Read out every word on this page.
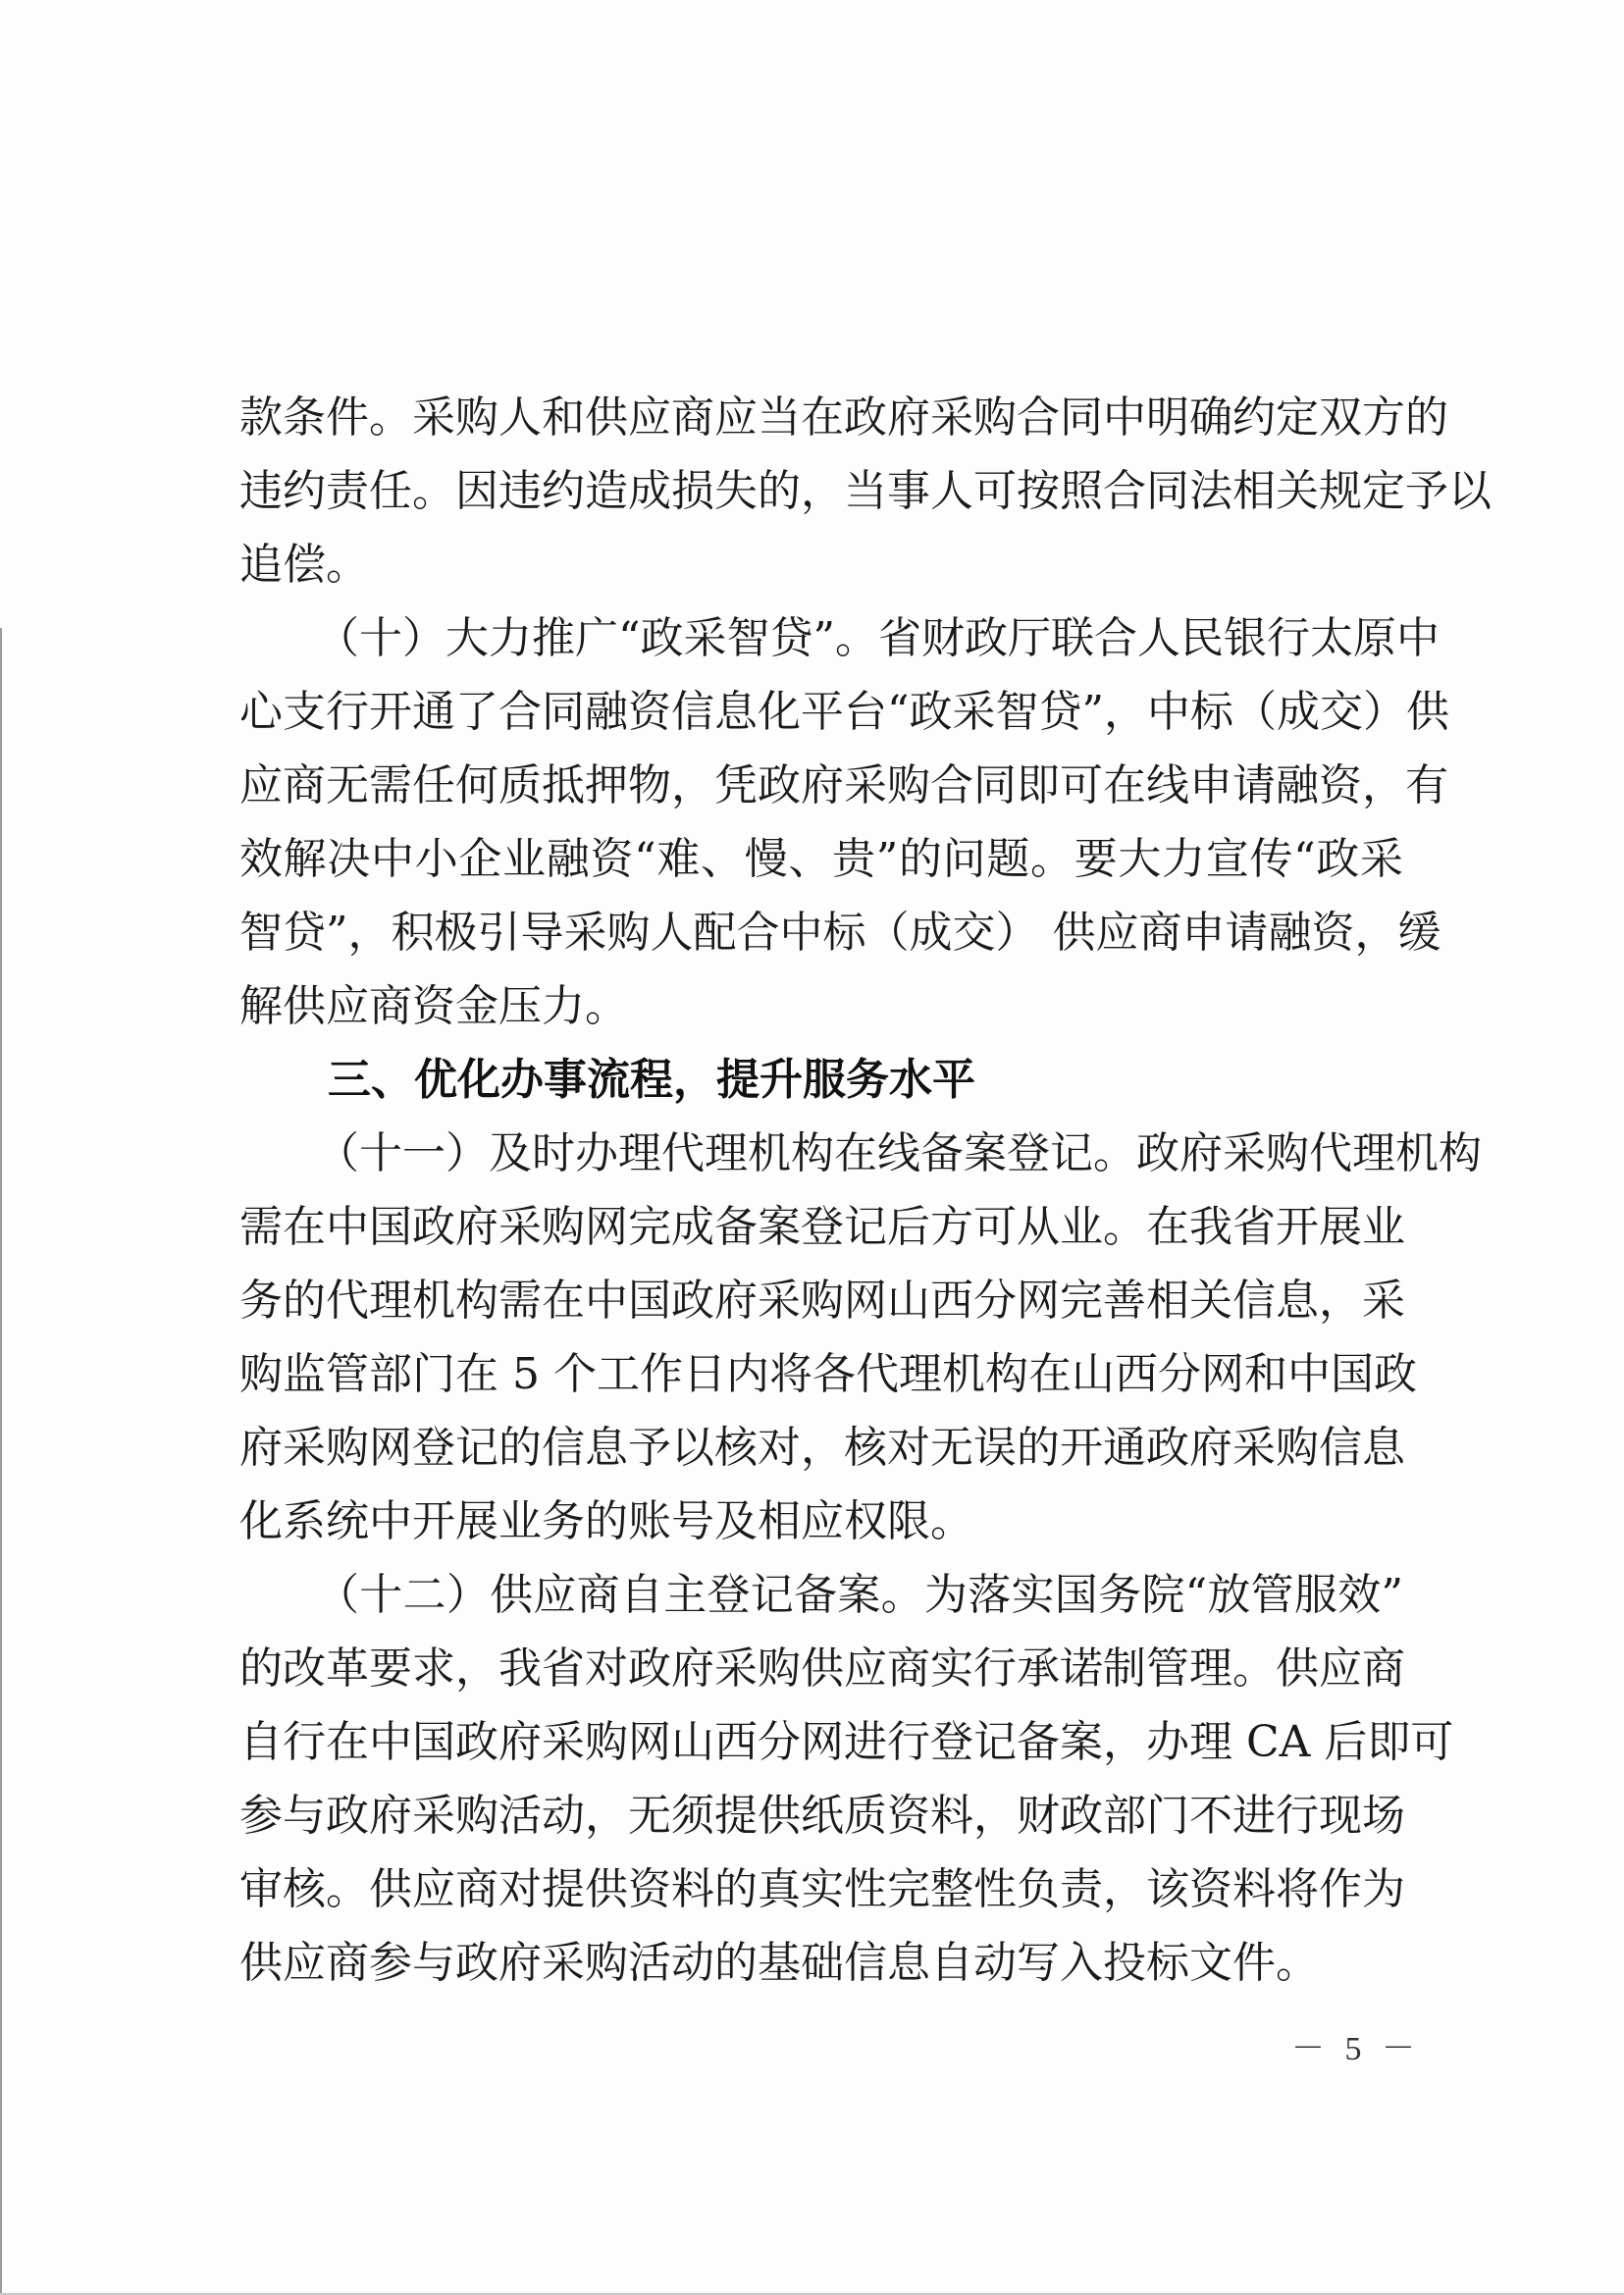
款条件。采购人和供应商应当在政府采购合同中明确约定双方的
违约责任。因违约造成损失的，当事人可按照合同法相关规定予以
追偿。
（十）大力推广“政采智贷”。省财政厅联合人民银行太原中
心支行开通了合同融资信息化平台“政采智贷”，中标（成交）供
应商无需任何质抵押物，凭政府采购合同即可在线申请融资，有
效解决中小企业融资“难、慢、贵”的问题。要大力宣传“政采
智贷”，积极引导采购人配合中标（成交） 供应商申请融资，缓
解供应商资金压力。
三、优化办事流程，提升服务水平
（十一）及时办理代理机构在线备案登记。政府采购代理机构
需在中国政府采购网完成备案登记后方可从业。在我省开展业
务的代理机构需在中国政府采购网山西分网完善相关信息，采
购监管部门在 5 个工作日内将各代理机构在山西分网和中国政
府采购网登记的信息予以核对，核对无误的开通政府采购信息
化系统中开展业务的账号及相应权限。
（十二）供应商自主登记备案。为落实国务院“放管服效”
的改革要求，我省对政府采购供应商实行承诺制管理。供应商
自行在中国政府采购网山西分网进行登记备案，办理 CA 后即可
参与政府采购活动，无须提供纸质资料，财政部门不进行现场
审核。供应商对提供资料的真实性完整性负责，该资料将作为
供应商参与政府采购活动的基础信息自动写入投标文件。
－ 5 －
